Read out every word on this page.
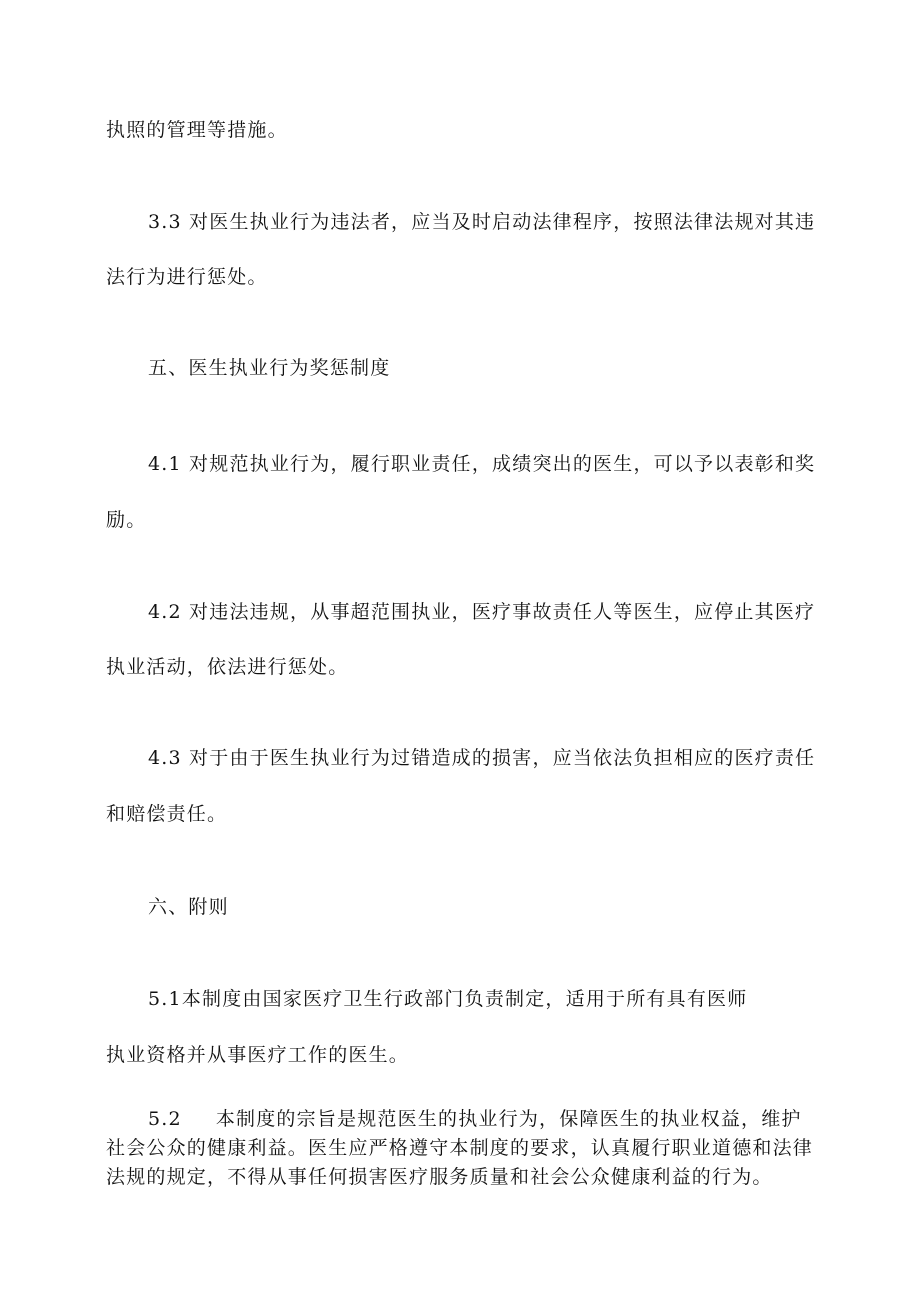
执照的管理等措施。

3.3 对医生执业行为违法者，应当及时启动法律程序，按照法律法规对其违

法行为进行惩处。

五、医生执业行为奖惩制度

4.1 对规范执业行为，履行职业责任，成绩突出的医生，可以予以表彰和奖

励。

4.2 对违法违规，从事超范围执业，医疗事故责任人等医生，应停止其医疗

执业活动，依法进行惩处。

4.3 对于由于医生执业行为过错造成的损害，应当依法负担相应的医疗责任

和赔偿责任。

六、附则

5.1本制度由国家医疗卫生行政部门负责制定，适用于所有具有医师

执业资格并从事医疗工作的医生。

5.2 本制度的宗旨是规范医生的执业行为，保障医生的执业权益，维护社会公众的健康利益。医生应严格遵守本制度的要求，认真履行职业道德和法律法规的规定，不得从事任何损害医疗服务质量和社会公众健康利益的行为。
